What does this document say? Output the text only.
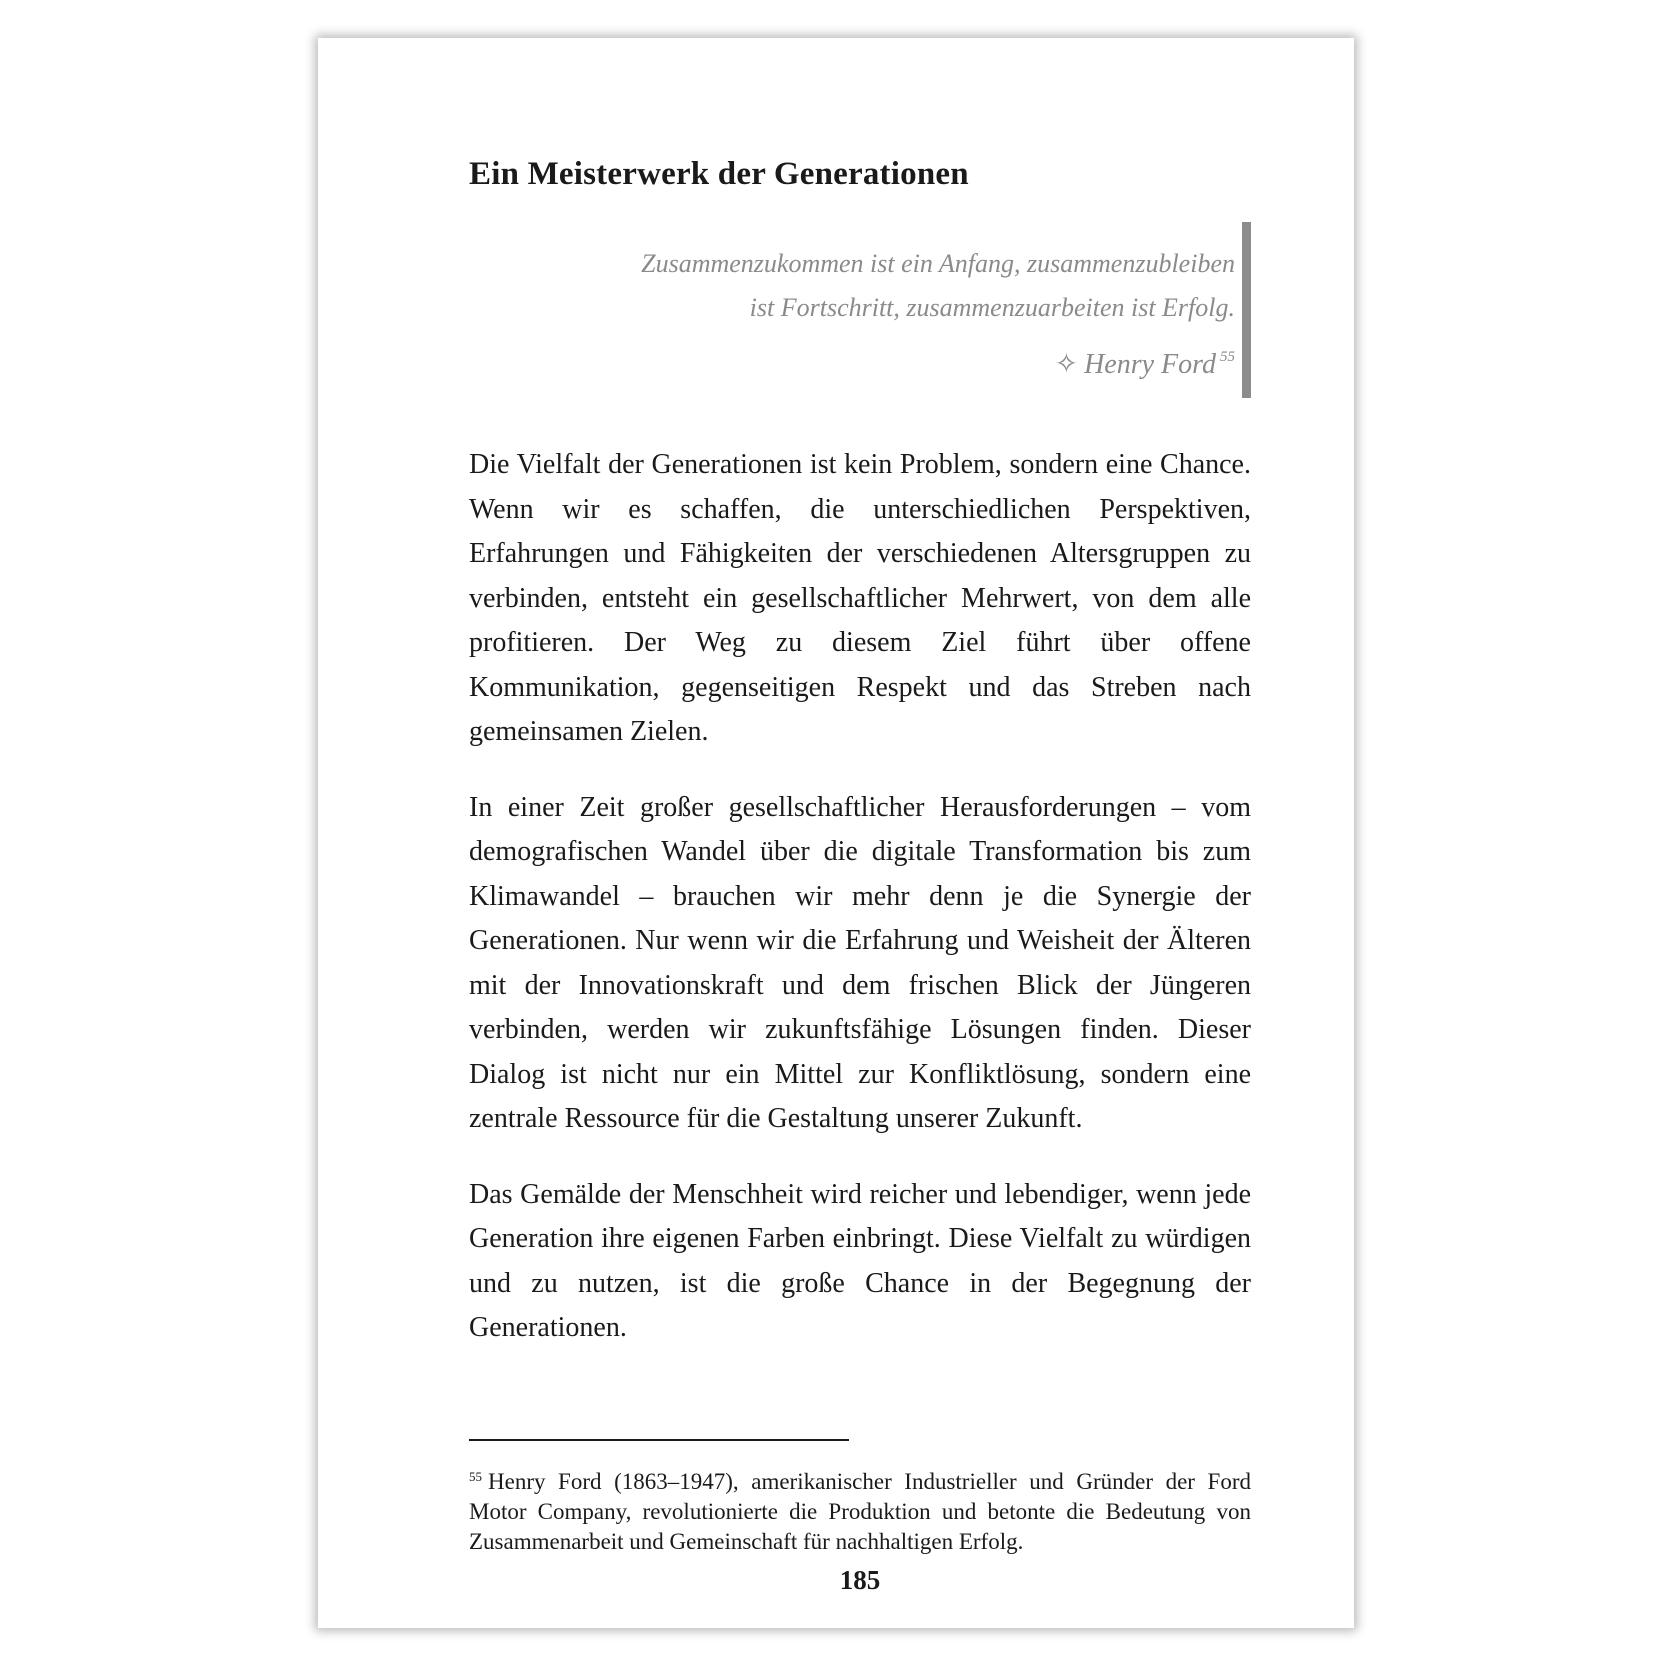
Ein Meisterwerk der Generationen
Zusammenzukommen ist ein Anfang, zusammenzubleiben
ist Fortschritt, zusammenzuarbeiten ist Erfolg.
✧ Henry Ford $^{55}$

Die Vielfalt der Generationen ist kein Problem, sondern eine Chance. Wenn wir es schaffen, die unterschiedlichen Perspektiven, Erfahrungen und Fähigkeiten der verschiedenen Altersgruppen zu verbinden, entsteht ein gesellschaftlicher Mehrwert, von dem alle profitieren. Der Weg zu diesem Ziel führt über offene Kommunikation, gegenseitigen Respekt und das Streben nach gemeinsamen Zielen.

In einer Zeit großer gesellschaftlicher Herausforderungen – vom demografischen Wandel über die digitale Transformation bis zum Klimawandel – brauchen wir mehr denn je die Synergie der Generationen. Nur wenn wir die Erfahrung und Weisheit der Älteren mit der Innovationskraft und dem frischen Blick der Jüngeren verbinden, werden wir zukunftsfähige Lösungen finden. Dieser Dialog ist nicht nur ein Mittel zur Konfliktlösung, sondern eine zentrale Ressource für die Gestaltung unserer Zukunft.

Das Gemälde der Menschheit wird reicher und lebendiger, wenn jede Generation ihre eigenen Farben einbringt. Diese Vielfalt zu würdigen und zu nutzen, ist die große Chance in der Begegnung der Generationen.

$^{55}$ Henry Ford (1863–1947), amerikanischer Industrieller und Gründer der Ford Motor Company, revolutionierte die Produktion und betonte die Bedeutung von Zusammenarbeit und Gemeinschaft für nachhaltigen Erfolg.

185
